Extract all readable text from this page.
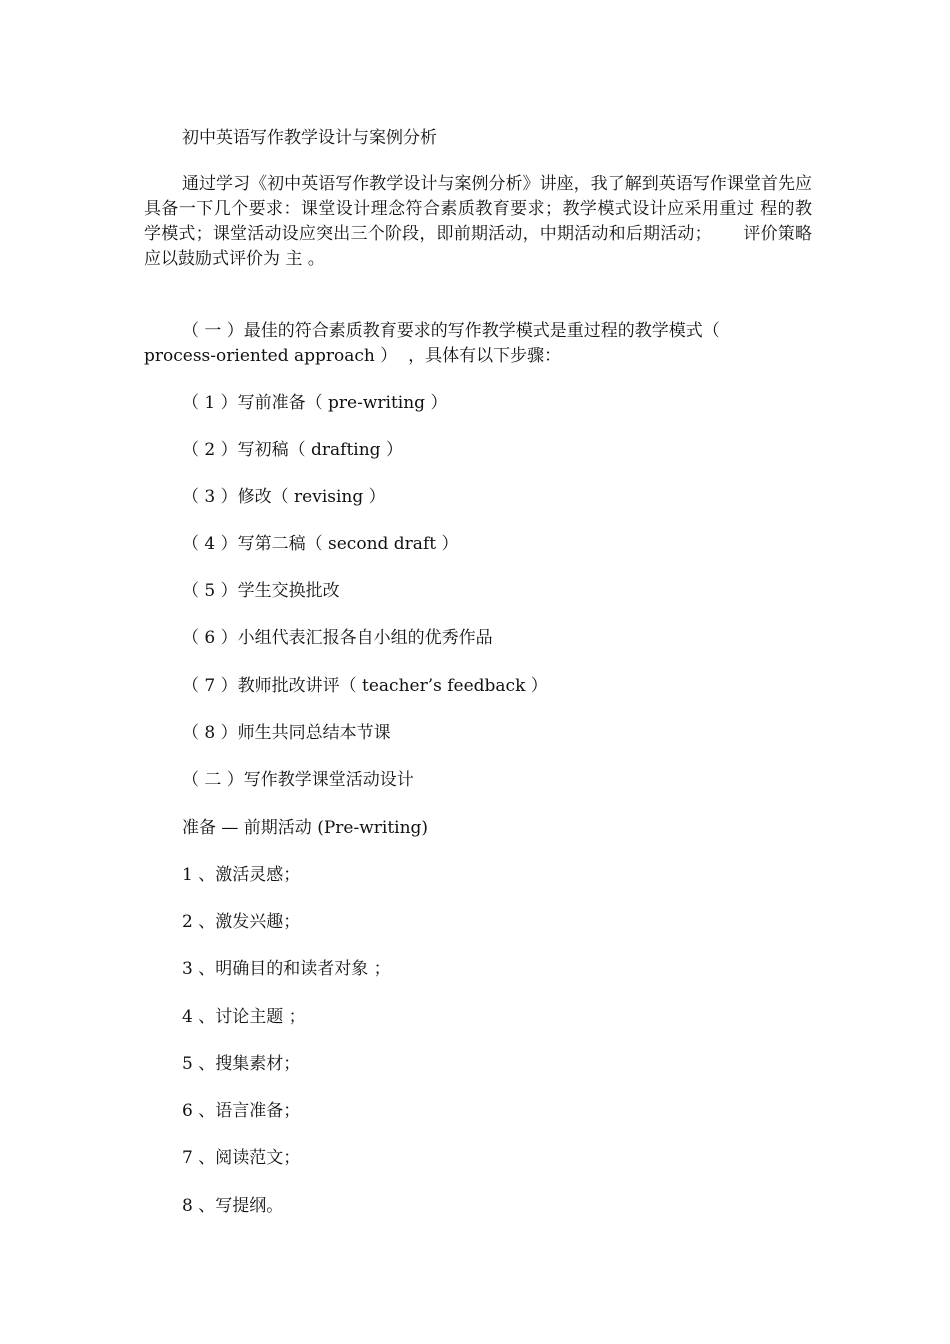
初中英语写作教学设计与案例分析
通过学习《初中英语写作教学设计与案例分析》讲座，我了解到英语写作课堂首先应具备一下几个要求：课堂设计理念符合素质教育要求；教学模式设计应采用重过 程的教学模式；课堂活动设应突出三个阶段，即前期活动，中期活动和后期活动；　　 评价策略应以鼓励式评价为 主 。
（ 一 ）最佳的符合素质教育要求的写作教学模式是重过程的教学模式（
process-oriented approach ）  ，具体有以下步骤：
（ 1 ）写前准备（ pre-writing ）
（ 2 ）写初稿（ drafting ）
（ 3 ）修改（ revising ）
（ 4 ）写第二稿（ second draft ）
（ 5 ）学生交换批改
（ 6 ）小组代表汇报各自小组的优秀作品
（ 7 ）教师批改讲评（ teacher’s feedback ）
（ 8 ）师生共同总结本节课
（ 二 ）写作教学课堂活动设计
准备 — 前期活动 (Pre-writing)
1 、激活灵感；
2 、激发兴趣；
3 、明确目的和读者对象 ；
4 、讨论主题 ；
5 、搜集素材；
6 、语言准备；
7 、阅读范文；
8 、写提纲。
